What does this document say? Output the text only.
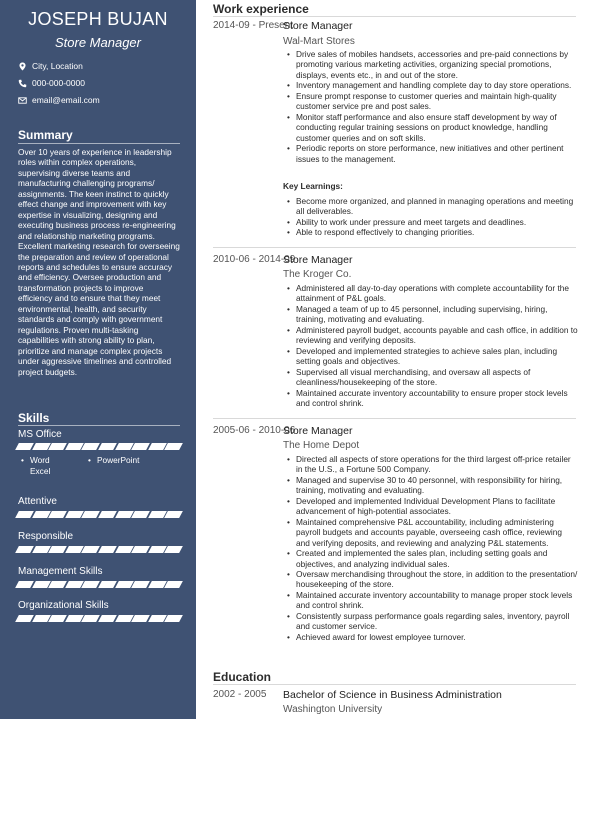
JOSEPH BUJAN
Store Manager
City, Location
000-000-0000
email@email.com
Summary
Over 10 years of experience in leadership roles within complex operations, supervising diverse teams and manufacturing challenging programs/ assignments. The keen instinct to quickly effect change and improvement with key expertise in visualizing, designing and executing business process re-engineering and relationship marketing programs. Excellent marketing research for overseeing the preparation and review of operational reports and schedules to ensure accuracy and efficiency. Oversee production and transformation projects to improve efficiency and to ensure that they meet environmental, health, and security standards and comply with government regulations. Proven multi-tasking capabilities with strong ability to plan, prioritize and manage complex projects under aggressive timelines and controlled project budgets.
Skills
MS Office
• Word
•	PowerPoint
Excel
Attentive
Responsible
Management Skills
Organizational Skills
Work experience
2014-09 - Present
Store Manager
Wal-Mart Stores
• Drive sales of mobiles handsets, accessories and pre-paid connections by promoting various marketing activities, organizing special promotions, displays, events etc., in and out of the store.
• Inventory management and handling complete day to day store operations.
• Ensure prompt response to customer queries and maintain high-quality customer service pre and post sales.
• Monitor staff performance and also ensure staff development by way of conducting regular training sessions on product knowledge, handling customer queries and on soft skills.
• Periodic reports on store performance, new initiatives and other pertinent issues to the management.
Key Learnings:
• Become more organized, and planned in managing operations and meeting all deliverables.
• Ability to work under pressure and meet targets and deadlines.
• Able to respond effectively to changing priorities.
2010-06 - 2014-09
Store Manager
The Kroger Co.
• Administered all day-to-day operations with complete accountability for the attainment of P&L goals.
• Managed a team of up to 45 personnel, including supervising, hiring, training, motivating and evaluating.
• Administered payroll budget, accounts payable and cash office, in addition to reviewing and verifying deposits.
• Developed and implemented strategies to achieve sales plan, including setting goals and objectives.
• Supervised all visual merchandising, and oversaw all aspects of cleanliness/housekeeping of the store.
• Maintained accurate inventory accountability to ensure proper stock levels and control shrink.
2005-06 - 2010-06
Store Manager
The Home Depot
• Directed all aspects of store operations for the third largest off-price retailer in the U.S., a Fortune 500 Company.
• Managed and supervise 30 to 40 personnel, with responsibility for hiring, training, motivating and evaluating.
• Developed and implemented Individual Development Plans to facilitate advancement of high-potential associates.
• Maintained comprehensive P&L accountability, including administering payroll budgets and accounts payable, overseeing cash office, reviewing and verifying deposits, and reviewing and analyzing P&L statements.
• Created and implemented the sales plan, including setting goals and objectives, and analyzing individual sales.
• Oversaw merchandising throughout the store, in addition to the presentation/ housekeeping of the store.
• Maintained accurate inventory accountability to manage proper stock levels and control shrink.
• Consistently surpass performance goals regarding sales, inventory, payroll and customer service.
• Achieved award for lowest employee turnover.
Education
2002 - 2005 Bachelor of Science in Business Administration
Washington University
